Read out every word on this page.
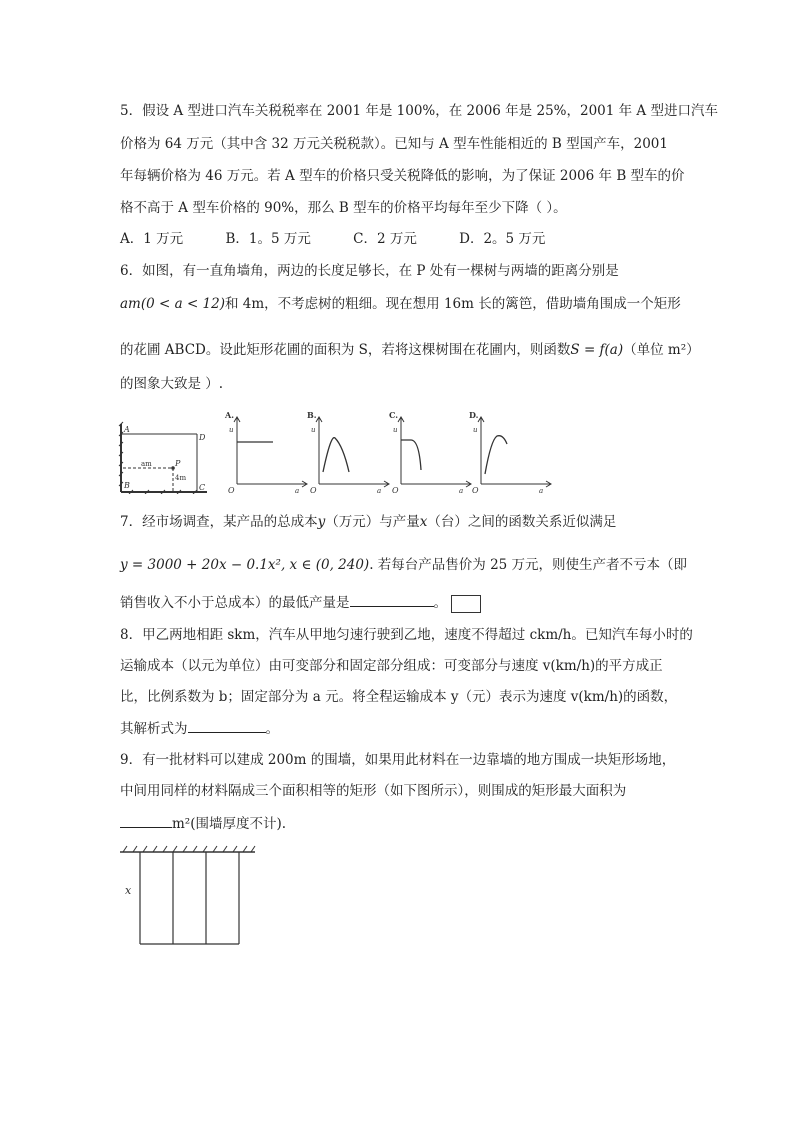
5．假设 A 型进口汽车关税税率在 2001 年是 100%，在 2006 年是 25%，2001 年 A 型进口汽车
价格为 64 万元（其中含 32 万元关税税款）。已知与 A 型车性能相近的 B 型国产车，2001
年每辆价格为 46 万元。若 A 型车的价格只受关税降低的影响，为了保证 2006 年 B 型车的价
格不高于 A 型车价格的 90%，那么 B 型车的价格平均每年至少下降（ ）。
A．1 万元	B．1。5 万元	C．2 万元	D．2。5 万元
6．如图，有一直角墙角，两边的长度足够长，在 P 处有一棵树与两墙的距离分别是
am(0 < a < 12)和 4m，不考虑树的粗细。现在想用 16m 长的篱笆，借助墙角围成一个矩形
的花圃 ABCD。设此矩形花圃的面积为 S，若将这棵树围在花圃内，则函数S = f(a)（单位 m²）
的图象大致是 ）.
A
D
B	C
P
am
4m
A.
u
O	a
B.
u
O	a
C.
u
O	a
D.
u
O	a
7．经市场调查，某产品的总成本y（万元）与产量x（台）之间的函数关系近似满足
y = 3000 + 20x − 0.1x², x ∈ (0, 240). 若每台产品售价为 25 万元，则使生产者不亏本（即
销售收入不小于总成本）的最低产量是	。
8．甲乙两地相距 skm，汽车从甲地匀速行驶到乙地，速度不得超过 ckm/h。已知汽车每小时的
运输成本（以元为单位）由可变部分和固定部分组成：可变部分与速度 v(km/h)的平方成正
比，比例系数为 b；固定部分为 a 元。将全程运输成本 y（元）表示为速度 v(km/h)的函数，
其解析式为	。
9．有一批材料可以建成 200m 的围墙，如果用此材料在一边靠墙的地方围成一块矩形场地，
中间用同样的材料隔成三个面积相等的矩形（如下图所示），则围成的矩形最大面积为
m²(围墙厚度不计).
x
